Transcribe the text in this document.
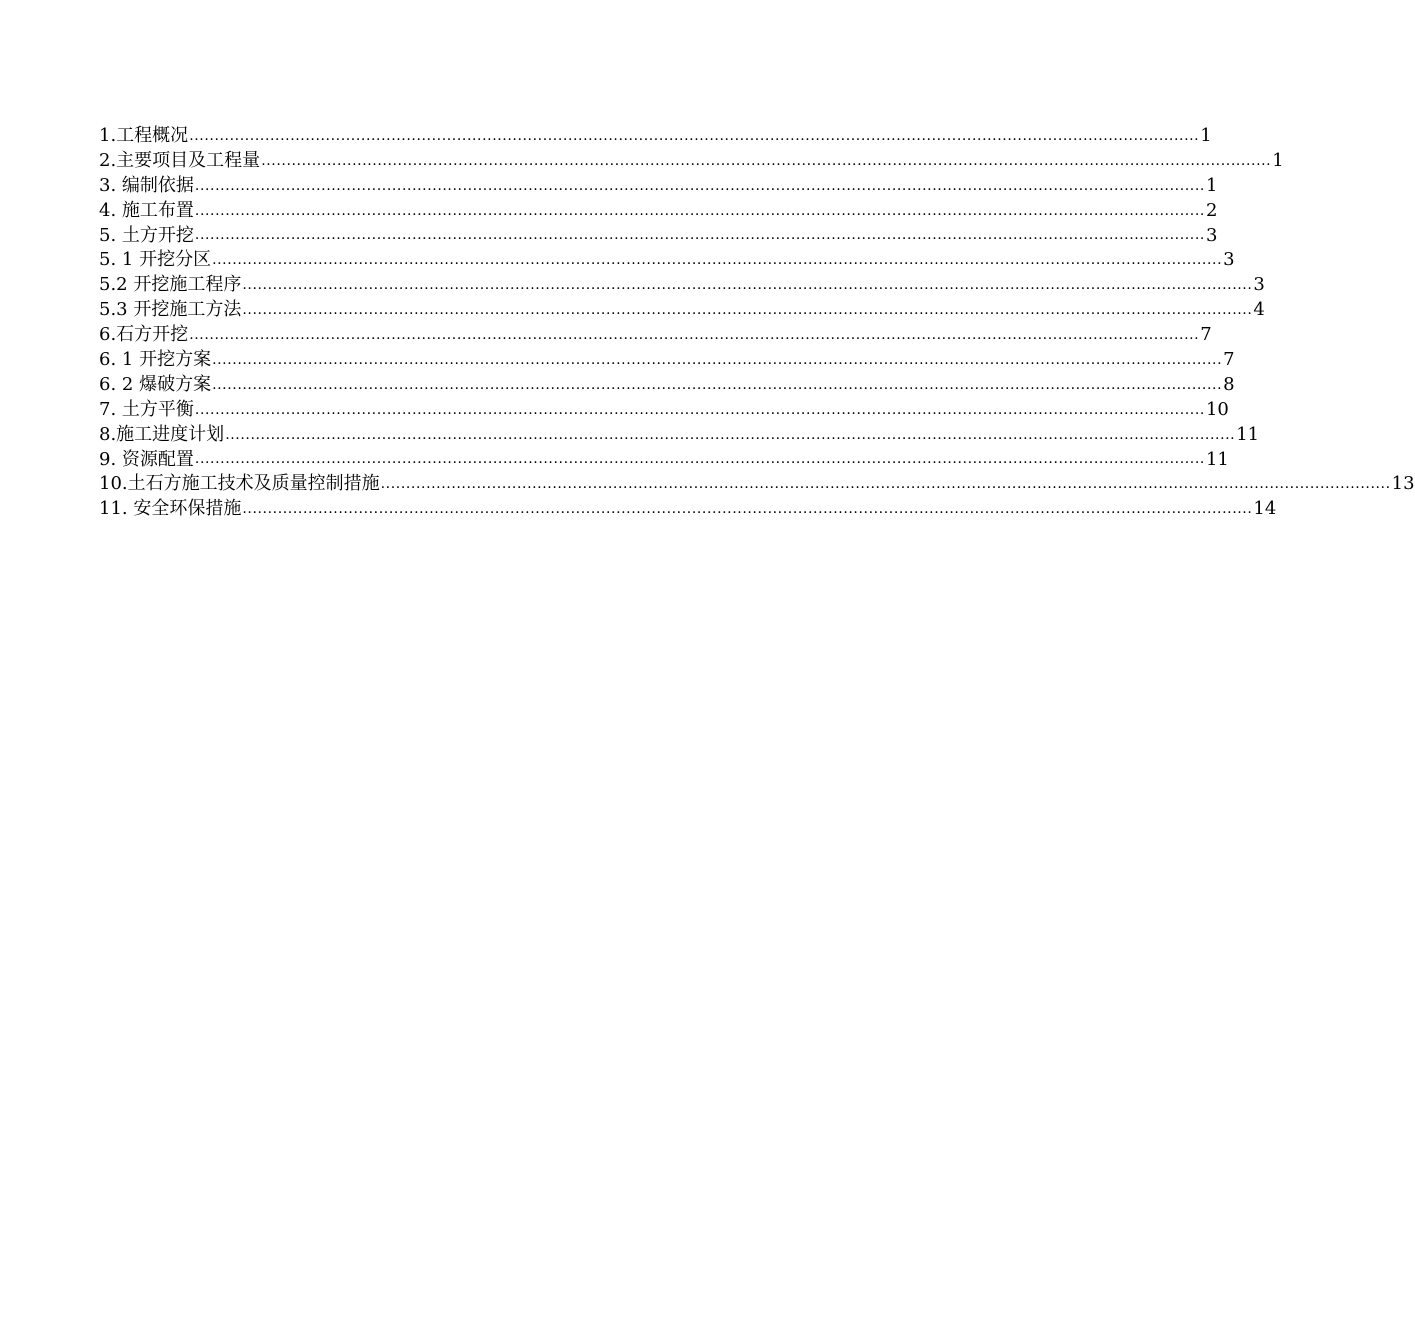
1.工程概况 ........................................................................................................................................................................................................ 1
2.主要项目及工程量 ........................................................................................................................................................................................................ 1
3. 编制依据 ........................................................................................................................................................................................................ 1
4. 施工布置 ........................................................................................................................................................................................................ 2
5. 土方开挖 ........................................................................................................................................................................................................ 3
5. 1 开挖分区 ........................................................................................................................................................................................................ 3
5.2 开挖施工程序 ........................................................................................................................................................................................................ 3
5.3 开挖施工方法 ........................................................................................................................................................................................................ 4
6.石方开挖 ........................................................................................................................................................................................................ 7
6. 1 开挖方案 ........................................................................................................................................................................................................ 7
6. 2 爆破方案 ........................................................................................................................................................................................................ 8
7. 土方平衡 ........................................................................................................................................................................................................ 10
8.施工进度计划 ........................................................................................................................................................................................................ 11
9. 资源配置 ........................................................................................................................................................................................................ 11
10.土石方施工技术及质量控制措施 ........................................................................................................................................................................................................ 13
11. 安全环保措施 ........................................................................................................................................................................................................ 14
